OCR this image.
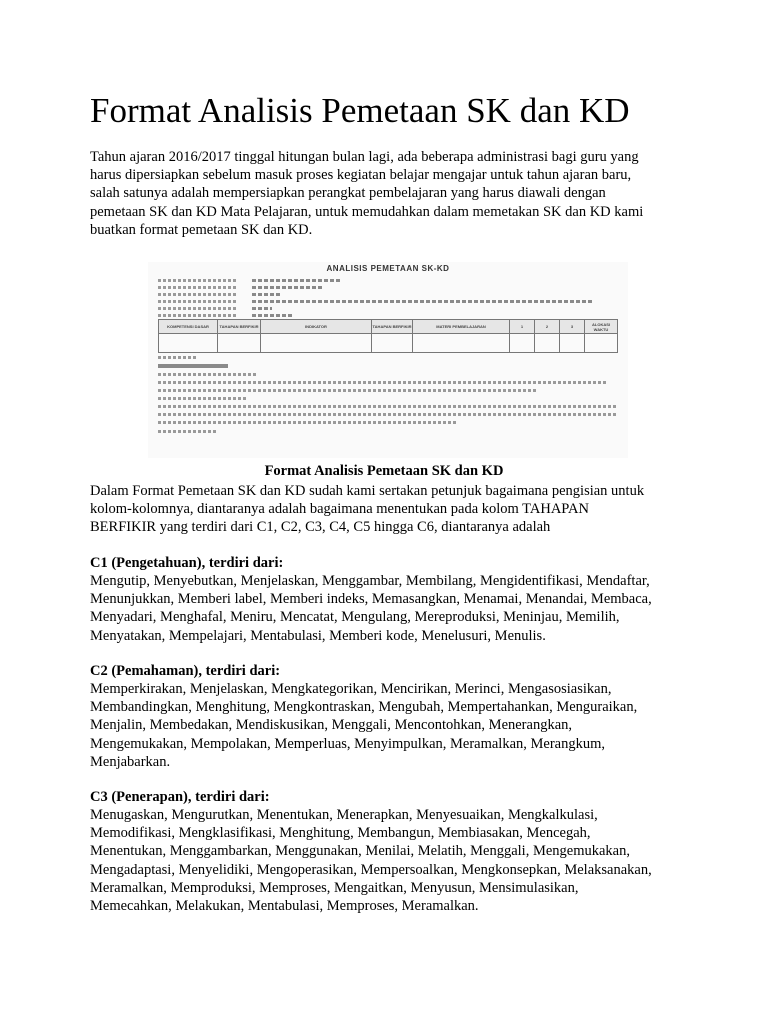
Format Analisis Pemetaan SK dan KD
Tahun ajaran 2016/2017 tinggal hitungan bulan lagi, ada beberapa administrasi bagi guru yang
harus dipersiapkan sebelum masuk proses kegiatan belajar mengajar untuk tahun ajaran baru,
salah satunya adalah mempersiapkan perangkat pembelajaran yang harus diawali dengan
pemetaan SK dan KD Mata Pelajaran, untuk memudahkan dalam memetakan SK dan KD kami
buatkan format pemetaan SK dan KD.
ANALISIS PEMETAAN SK-KD
KOMPETENSI DASAR	TAHAPAN BERFIKIR	INDIKATOR	TAHAPAN BERFIKIR	MATERI PEMBELAJARAN	1	2	3	ALOKASI WAKTU

Format Analisis Pemetaan SK dan KD

Dalam Format Pemetaan SK dan KD sudah kami sertakan petunjuk bagaimana pengisian untuk
kolom-kolomnya, diantaranya adalah bagaimana menentukan pada kolom TAHAPAN
BERFIKIR yang terdiri dari C1, C2, C3, C4, C5 hingga C6, diantaranya adalah
C1 (Pengetahuan), terdiri dari:

Mengutip, Menyebutkan, Menjelaskan, Menggambar, Membilang, Mengidentifikasi, Mendaftar,
Menunjukkan, Memberi label, Memberi indeks, Memasangkan, Menamai, Menandai, Membaca,
Menyadari, Menghafal, Meniru, Mencatat, Mengulang, Mereproduksi, Meninjau, Memilih,
Menyatakan, Mempelajari, Mentabulasi, Memberi kode, Menelusuri, Menulis.

C2 (Pemahaman), terdiri dari:

Memperkirakan, Menjelaskan, Mengkategorikan, Mencirikan, Merinci, Mengasosiasikan,
Membandingkan, Menghitung, Mengkontraskan, Mengubah, Mempertahankan, Menguraikan,
Menjalin, Membedakan, Mendiskusikan, Menggali, Mencontohkan, Menerangkan,
Mengemukakan, Mempolakan, Memperluas, Menyimpulkan, Meramalkan, Merangkum,
Menjabarkan.

C3 (Penerapan), terdiri dari:

Menugaskan, Mengurutkan, Menentukan, Menerapkan, Menyesuaikan, Mengkalkulasi,
Memodifikasi, Mengklasifikasi, Menghitung, Membangun, Membiasakan, Mencegah,
Menentukan, Menggambarkan, Menggunakan, Menilai, Melatih, Menggali, Mengemukakan,
Mengadaptasi, Menyelidiki, Mengoperasikan, Mempersoalkan, Mengkonsepkan, Melaksanakan,
Meramalkan, Memproduksi, Memproses, Mengaitkan, Menyusun, Mensimulasikan,
Memecahkan, Melakukan, Mentabulasi, Memproses, Meramalkan.
